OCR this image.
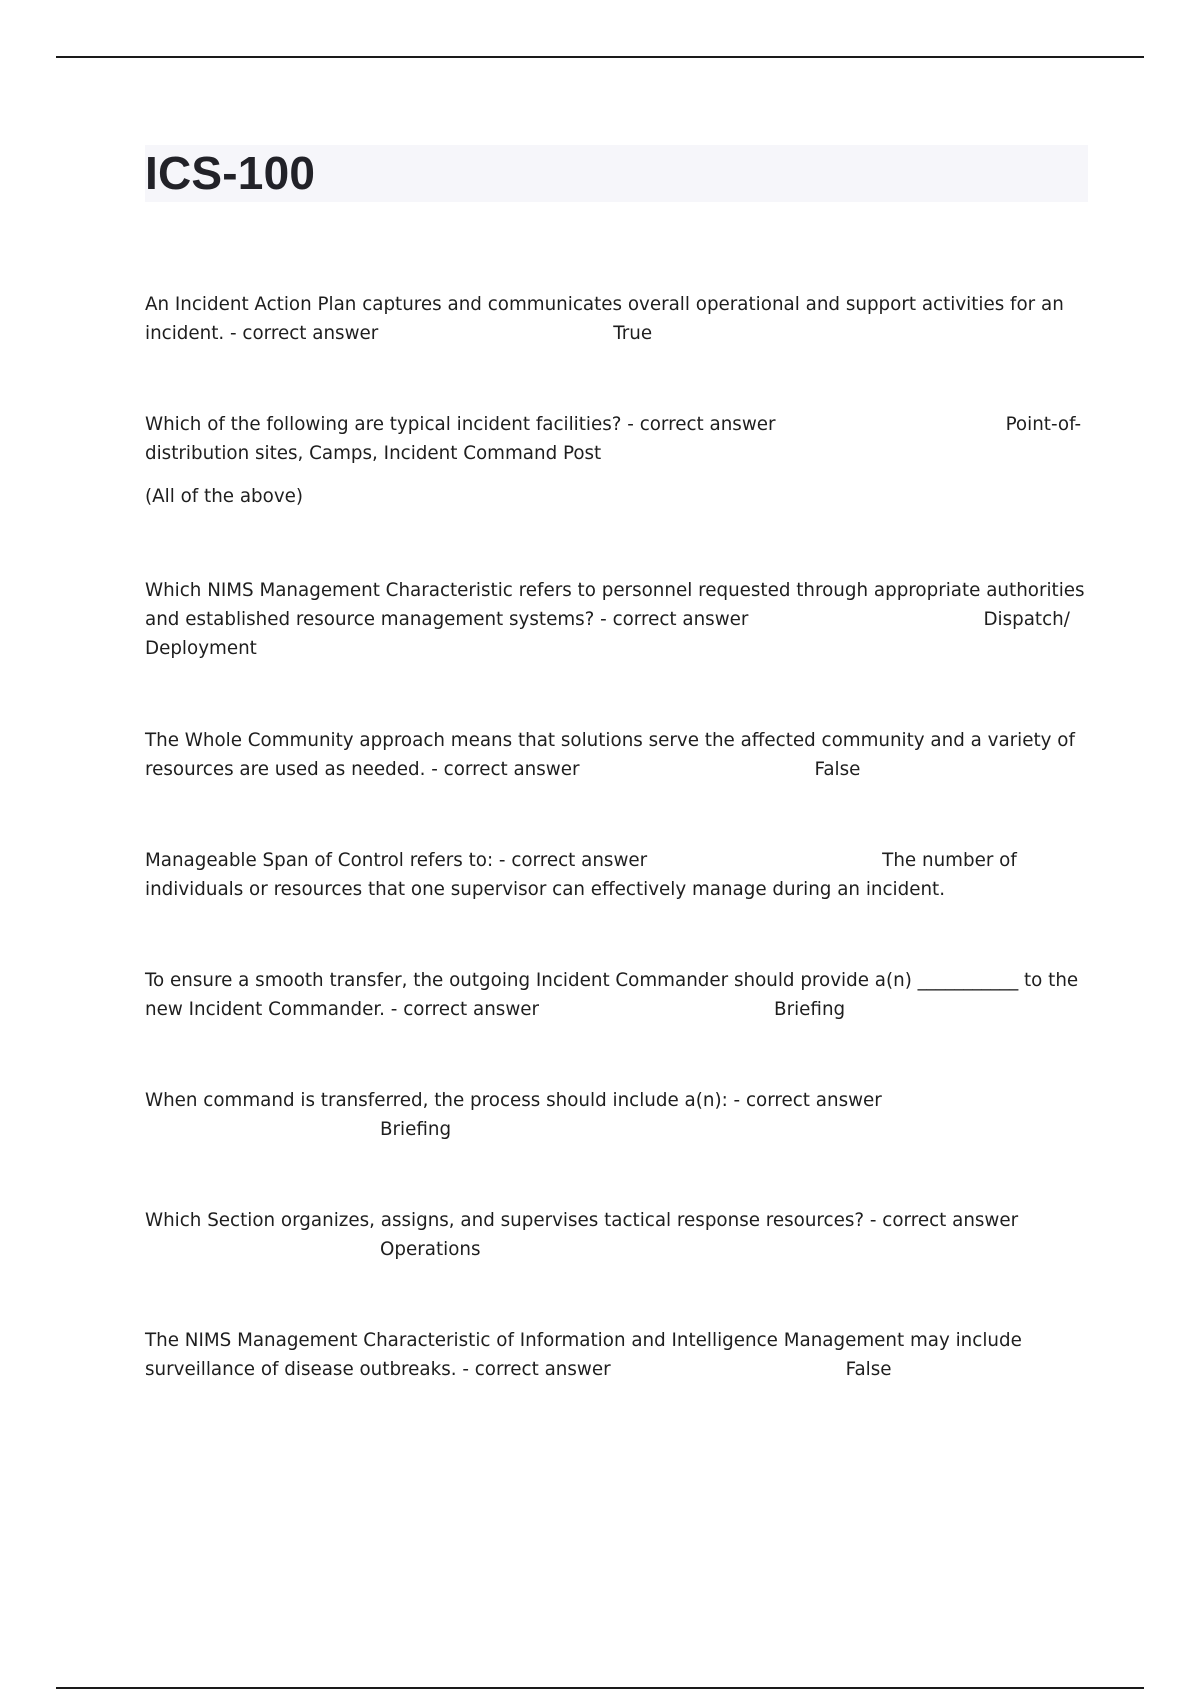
ICS-100

An Incident Action Plan captures and communicates overall operational and support activities for an incident. - correct answer	True

Which of the following are typical incident facilities? - correct answer	Point-of-distribution sites, Camps, Incident Command Post

(All of the above)

Which NIMS Management Characteristic refers to personnel requested through appropriate authorities and established resource management systems? - correct answer	Dispatch/ Deployment

The Whole Community approach means that solutions serve the affected community and a variety of resources are used as needed. - correct answer	False

Manageable Span of Control refers to: - correct answer	The number of individuals or resources that one supervisor can effectively manage during an incident.

To ensure a smooth transfer, the outgoing Incident Commander should provide a(n) ___________ to the new Incident Commander. - correct answer	Briefing

When command is transferred, the process should include a(n): - correct answerBriefing

Which Section organizes, assigns, and supervises tactical response resources? - correct answerOperations

The NIMS Management Characteristic of Information and Intelligence Management may include surveillance of disease outbreaks. - correct answer	False
